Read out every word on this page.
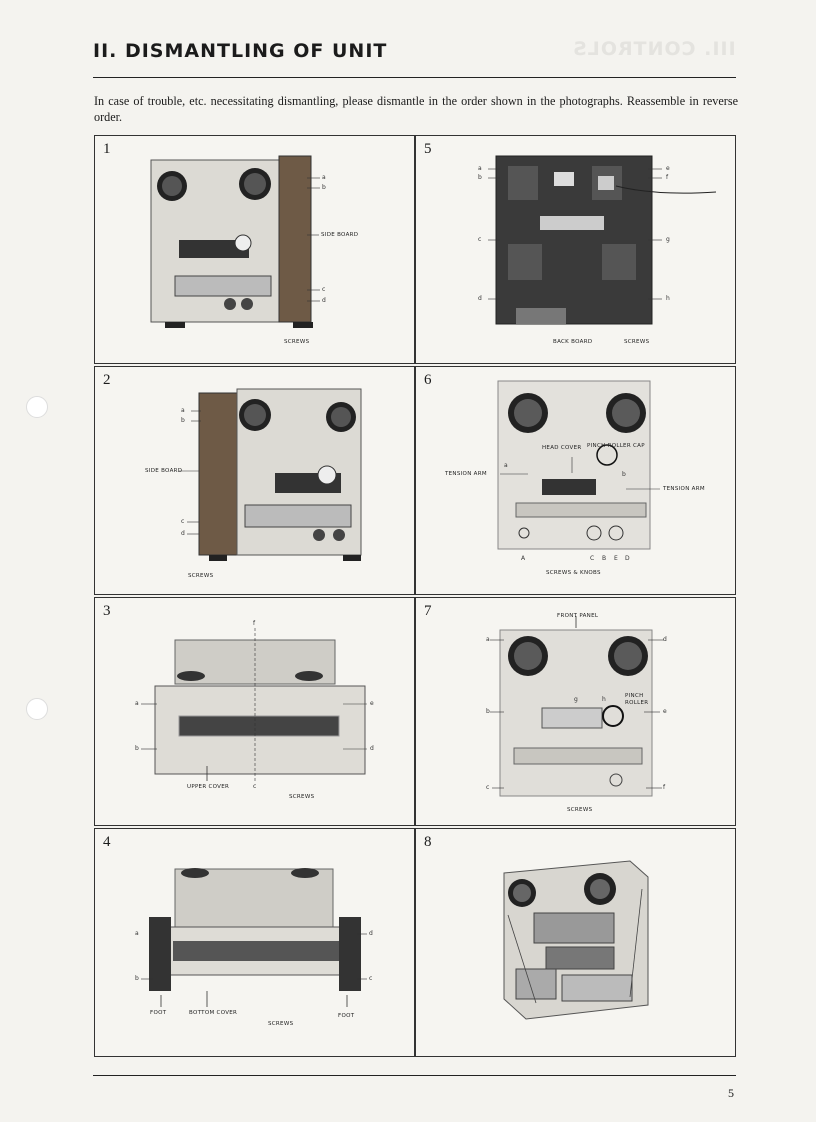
III. CONTROLS
II. DISMANTLING OF UNIT
In case of trouble, etc. necessitating dismantling, please dismantle in the order shown in the photographs. Reassemble in reverse order.
1
a
b
c
d
SIDE BOARD
SCREWS
5
a
b
c
d
e
f
g
h
BACK BOARD	SCREWS
2
a
b
c
d
SIDE BOARD
SCREWS
6
a
b
A	C B E D
HEAD COVER PINCH ROLLER CAP
TENSION ARM
TENSION ARM
SCREWS & KNOBS
3
a
b
c
d
e
f
UPPER COVER
SCREWS
7
a
b
c
d
e
f
g	h
FRONT PANEL
PINCH
ROLLER
SCREWS
4
a
b	c
d
FOOT	BOTTOM COVER	FOOT
SCREWS
8
5
